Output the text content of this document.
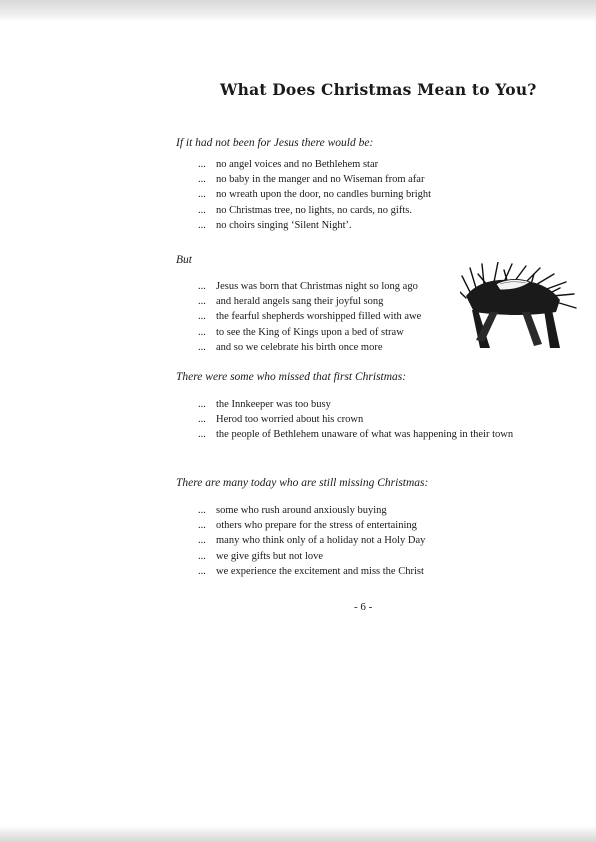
What Does Christmas Mean to You?
If it had not been for Jesus there would be:
... no angel voices and no Bethlehem star
... no baby in the manger and no Wiseman from afar
... no wreath upon the door, no candles burning bright
... no Christmas tree, no lights, no cards, no gifts.
... no choirs singing ‘Silent Night’.
But
... Jesus was born that Christmas night so long ago
... and herald angels sang their joyful song
... the fearful shepherds worshipped filled with awe
... to see the King of Kings upon a bed of straw
... and so we celebrate his birth once more
There were some who missed that first Christmas:
... the Innkeeper was too busy
... Herod too worried about his crown
... the people of Bethlehem unaware of what was happening in their town
There are many today who are still missing Christmas:
... some who rush around anxiously buying
... others who prepare for the stress of entertaining
... many who think only of a holiday not a Holy Day
... we give gifts but not love
... we experience the excitement and miss the Christ
- 6 -
